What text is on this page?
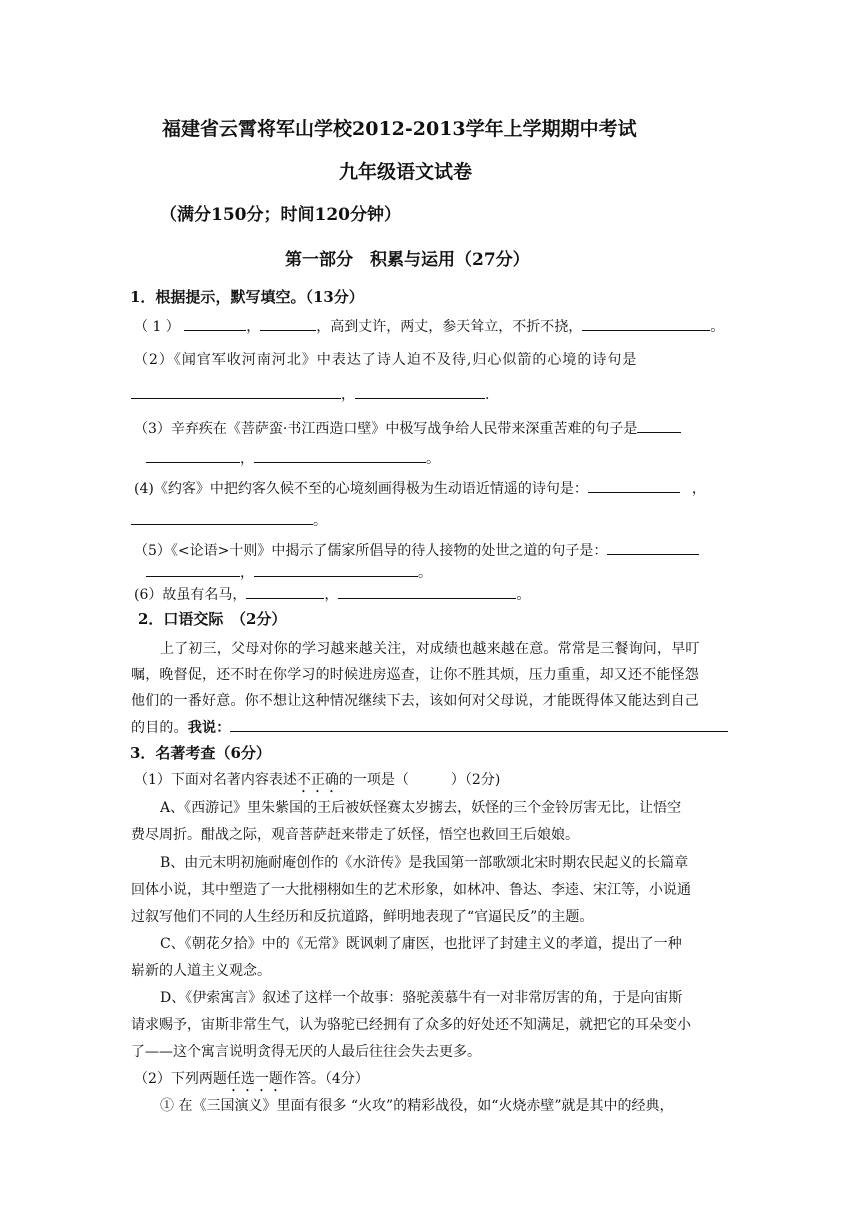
福建省云霄将军山学校2012-2013学年上学期期中考试
九年级语文试卷
（满分150分；时间120分钟）
第一部分　积累与运用（27分）
1．根据提示，默写填空。（13分）
（ 1 ）	，	，高到丈许，两丈，参天耸立，不折不挠，	。
（2）《闻官军收河南河北》中表达了诗人迫不及待,归心似箭的心境的诗句是
，	.
（3）辛弃疾在《菩萨蛮·书江西造口壁》中极写战争给人民带来深重苦难的句子是
，	。
(4)《约客》中把约客久候不至的心境刻画得极为生动语近情遥的诗句是：	，
。
（5）《<论语>十则》中揭示了儒家所倡导的待人接物的处世之道的句子是：
，	。
(6）故虽有名马，	，	。
2．口语交际　（2分）
上了初三，父母对你的学习越来越关注，对成绩也越来越在意。常常是三餐询问，早叮
嘱，晚督促，还不时在你学习的时候进房巡查，让你不胜其烦，压力重重，却又还不能怪怨
他们的一番好意。你不想让这种情况继续下去，该如何对父母说，才能既得体又能达到自己
的目的。我说：
3．名著考查（6分）
（1）下面对名著内容表述不正确的一项是（　　　）（2分)
A、《西游记》里朱紫国的王后被妖怪赛太岁掳去，妖怪的三个金铃厉害无比，让悟空
费尽周折。酣战之际，观音菩萨赶来带走了妖怪，悟空也救回王后娘娘。
B、由元末明初施耐庵创作的《水浒传》是我国第一部歌颂北宋时期农民起义的长篇章
回体小说，其中塑造了一大批栩栩如生的艺术形象，如林冲、鲁达、李逵、宋江等，小说通
过叙写他们不同的人生经历和反抗道路，鲜明地表现了“官逼民反”的主题。
C、《朝花夕拾》中的《无常》既讽刺了庸医，也批评了封建主义的孝道，提出了一种
崭新的人道主义观念。
D、《伊索寓言》叙述了这样一个故事：骆驼羡慕牛有一对非常厉害的角，于是向宙斯
请求赐予，宙斯非常生气，认为骆驼已经拥有了众多的好处还不知满足，就把它的耳朵变小
了——这个寓言说明贪得无厌的人最后往往会失去更多。
（2）下列两题任选一题作答。（4分）
① 在《三国演义》里面有很多 “火攻”的精彩战役，如“火烧赤壁”就是其中的经典，
